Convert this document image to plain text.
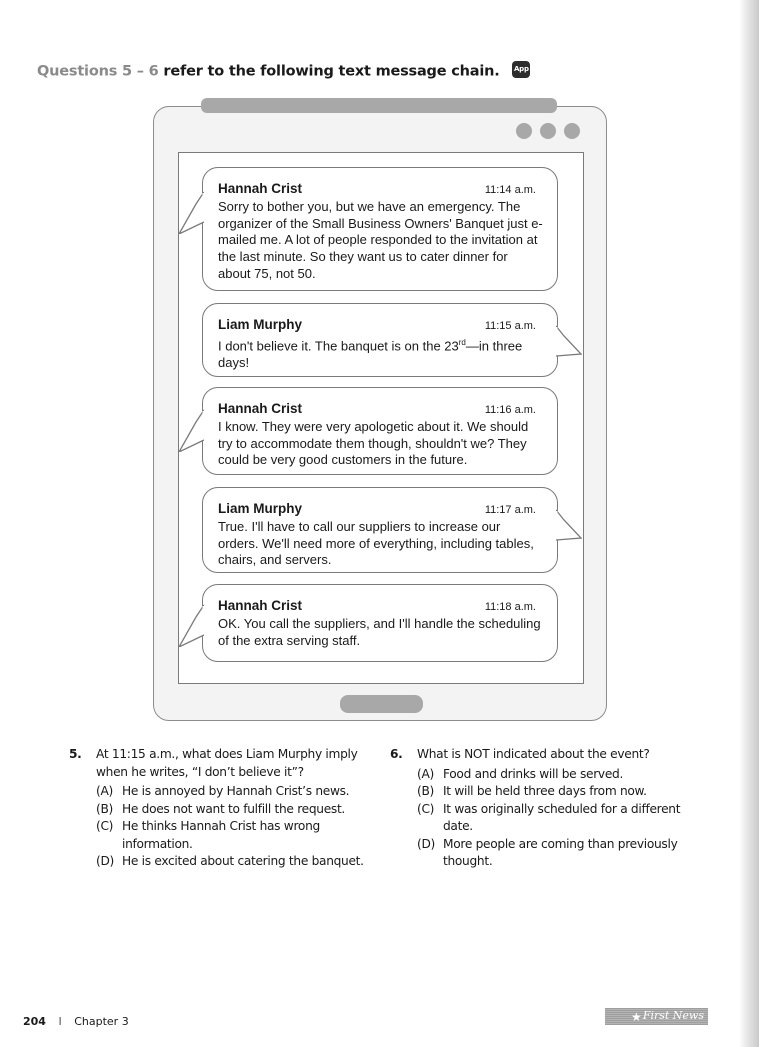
Questions 5 – 6 refer to the following text message chain. App
Hannah Crist	11:14 a.m.
Sorry to bother you, but we have an emergency. The organizer of the Small Business Owners' Banquet just e-mailed me. A lot of people responded to the invitation at the last minute. So they want us to cater dinner for about 75, not 50.
Liam Murphy	11:15 a.m.
I don't believe it. The banquet is on the 23rd—in three days!
Hannah Crist	11:16 a.m.
I know. They were very apologetic about it. We should try to accommodate them though, shouldn't we? They could be very good customers in the future.
Liam Murphy	11:17 a.m.
True. I'll have to call our suppliers to increase our orders. We'll need more of everything, including tables, chairs, and servers.
Hannah Crist	11:18 a.m.
OK. You call the suppliers, and I'll handle the scheduling of the extra serving staff.
5. At 11:15 a.m., what does Liam Murphy imply when he writes, “I don’t believe it”?
(A) He is annoyed by Hannah Crist’s news.
(B) He does not want to fulfill the request.
(C) He thinks Hannah Crist has wrong information.
(D) He is excited about catering the banquet.
6. What is NOT indicated about the event?
(A) Food and drinks will be served.
(B) It will be held three days from now.
(C) It was originally scheduled for a different date.
(D) More people are coming than previously thought.
204 I Chapter 3	★ First News
